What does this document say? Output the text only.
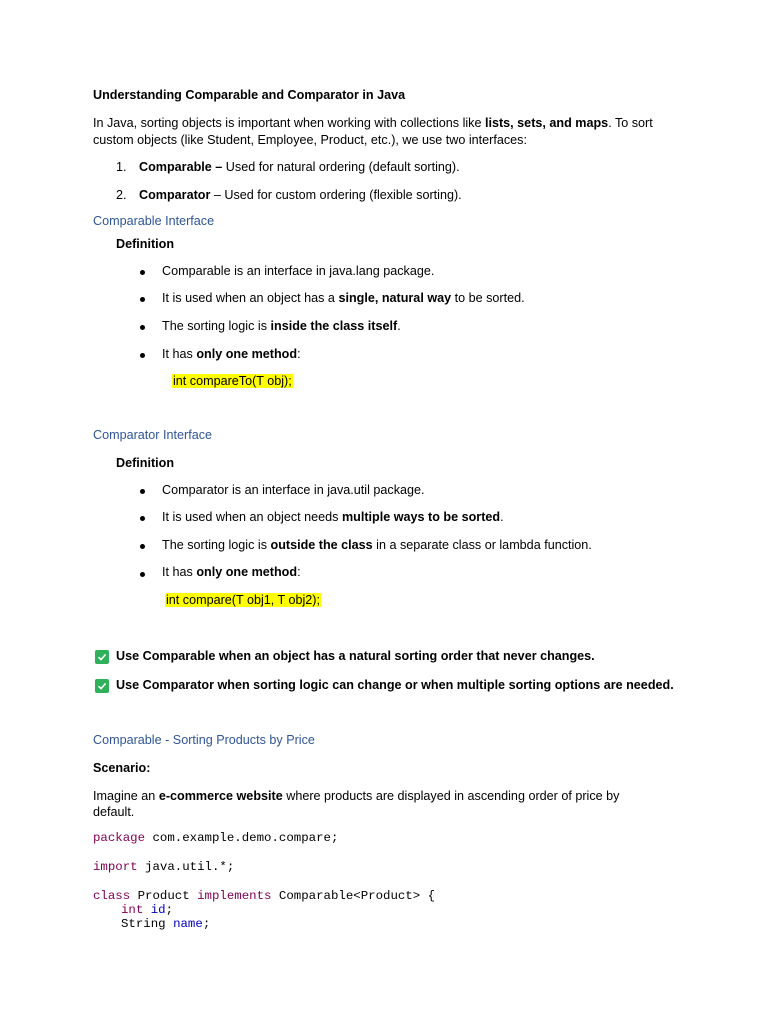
Understanding Comparable and Comparator in Java
In Java, sorting objects is important when working with collections like lists, sets, and maps. To sort
custom objects (like Student, Employee, Product, etc.), we use two interfaces:
1. Comparable – Used for natural ordering (default sorting).
2. Comparator – Used for custom ordering (flexible sorting).
Comparable Interface
Definition
Comparable is an interface in java.lang package.
It is used when an object has a single, natural way to be sorted.
The sorting logic is inside the class itself.
It has only one method:
int compareTo(T obj);
Comparator Interface
Definition
Comparator is an interface in java.util package.
It is used when an object needs multiple ways to be sorted.
The sorting logic is outside the class in a separate class or lambda function.
It has only one method:
int compare(T obj1, T obj2);
Use Comparable when an object has a natural sorting order that never changes.
Use Comparator when sorting logic can change or when multiple sorting options are needed.
Comparable - Sorting Products by Price
Scenario:
Imagine an e-commerce website where products are displayed in ascending order of price by
default.
package com.example.demo.compare;
import java.util.*;
class Product implements Comparable<Product> {
int id;
String name;
